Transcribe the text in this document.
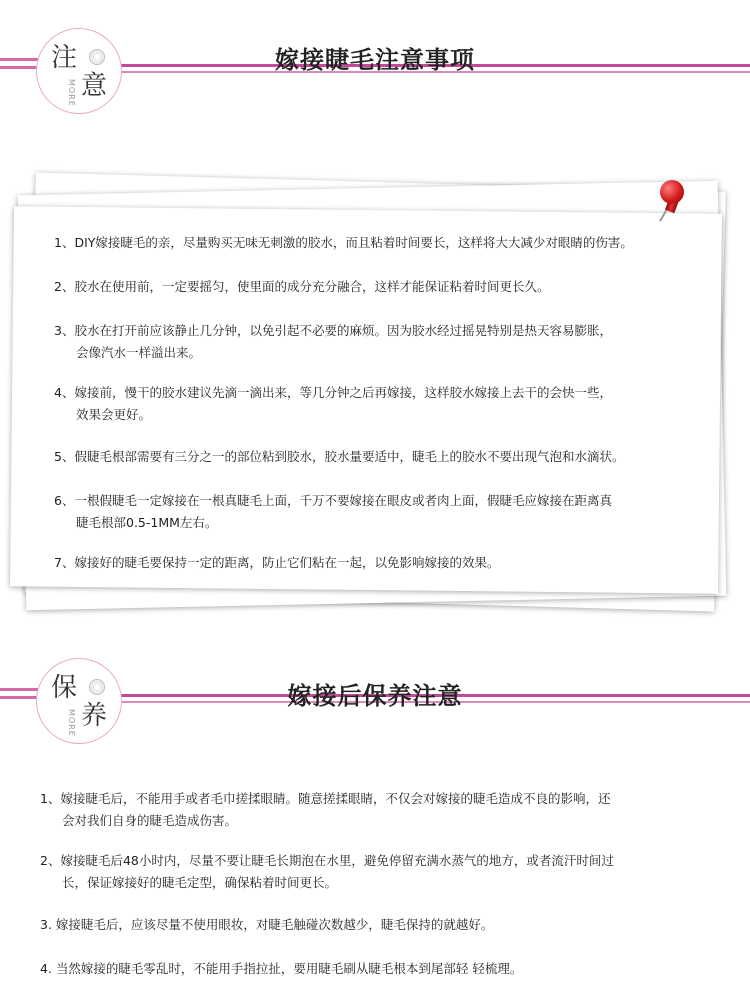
注
意
MORE
嫁接睫毛注意事项
1、DIY嫁接睫毛的亲，尽量购买无味无刺激的胶水，而且粘着时间要长，这样将大大减少对眼睛的伤害。
2、胶水在使用前，一定要摇匀，使里面的成分充分融合，这样才能保证粘着时间更长久。
3、胶水在打开前应该静止几分钟，以免引起不必要的麻烦。因为胶水经过摇晃特别是热天容易膨胀，
会像汽水一样溢出来。
4、嫁接前，慢干的胶水建议先滴一滴出来，等几分钟之后再嫁接，这样胶水嫁接上去干的会快一些，
效果会更好。
5、假睫毛根部需要有三分之一的部位粘到胶水，胶水量要适中，睫毛上的胶水不要出现气泡和水滴状。
6、一根假睫毛一定嫁接在一根真睫毛上面，千万不要嫁接在眼皮或者肉上面，假睫毛应嫁接在距离真
睫毛根部0.5-1MM左右。
7、嫁接好的睫毛要保持一定的距离，防止它们粘在一起，以免影响嫁接的效果。
保
养
MORE
嫁接后保养注意
1、嫁接睫毛后，不能用手或者毛巾搓揉眼睛。随意搓揉眼睛，不仅会对嫁接的睫毛造成不良的影响，还
会对我们自身的睫毛造成伤害。
2、嫁接睫毛后48小时内，尽量不要让睫毛长期泡在水里，避免停留充满水蒸气的地方，或者流汗时间过
长，保证嫁接好的睫毛定型，确保粘着时间更长。
3. 嫁接睫毛后，应该尽量不使用眼妆，对睫毛触碰次数越少，睫毛保持的就越好。
4. 当然嫁接的睫毛零乱时，不能用手指拉扯，要用睫毛刷从睫毛根本到尾部轻 轻梳理。
